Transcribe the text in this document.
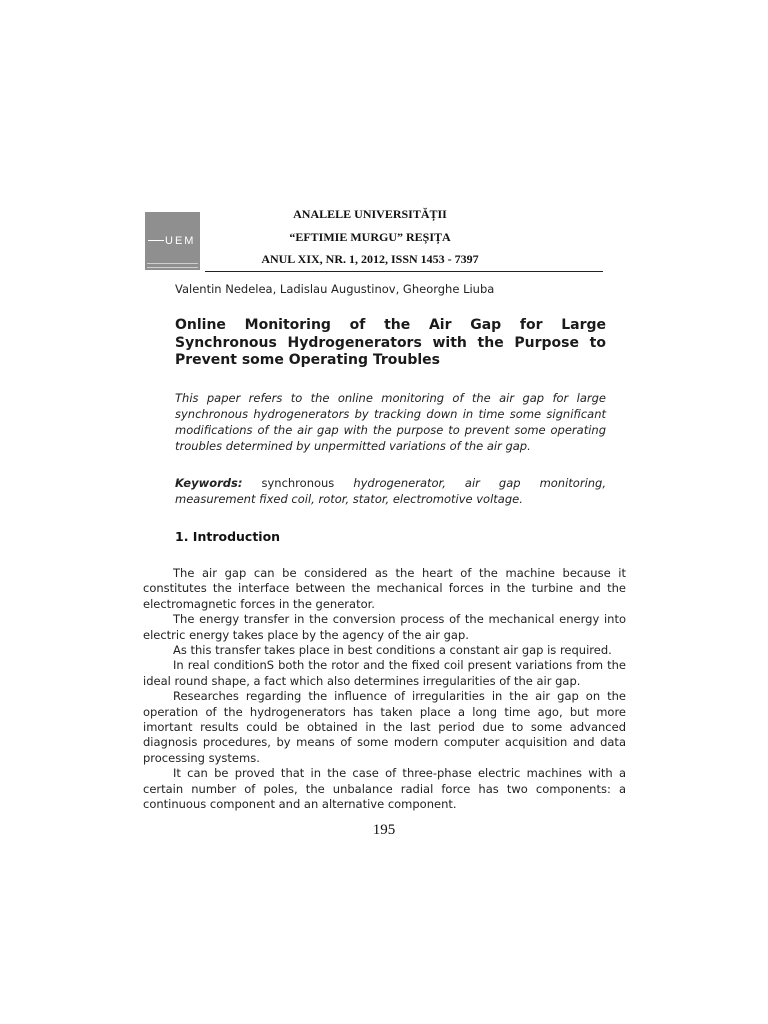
UEM
ANALELE UNIVERSITĂȚII
“EFTIMIE MURGU” REȘIȚA
ANUL XIX, NR. 1, 2012, ISSN 1453 - 7397
Valentin Nedelea, Ladislau Augustinov, Gheorghe Liuba
Online Monitoring of the Air Gap for Large Synchronous Hydrogenerators with the Purpose to Prevent some Operating Troubles
This paper refers to the online monitoring of the air gap for large synchronous hydrogenerators by tracking down in time some significant modifications of the air gap with the purpose to prevent some operating troubles determined by unpermitted variations of the air gap.
Keywords: synchronous hydrogenerator, air gap monitoring, measurement fixed coil, rotor, stator, electromotive voltage.
1. Introduction

The air gap can be considered as the heart of the machine because it constitutes the interface between the mechanical forces in the turbine and the electromagnetic forces in the generator.

The energy transfer in the conversion process of the mechanical energy into electric energy takes place by the agency of the air gap.

As this transfer takes place in best conditions a constant air gap is required.

In real conditionS both the rotor and the fixed coil present variations from the ideal round shape, a fact which also determines irregularities of the air gap.

Researches regarding the influence of irregularities in the air gap on the operation of the hydrogenerators has taken place a long time ago, but more imortant results could be obtained in the last period due to some advanced diagnosis procedures, by means of some modern computer acquisition and data processing systems.

It can be proved that in the case of three-phase electric machines with a certain number of poles, the unbalance radial force has two components: a continuous component and an alternative component.

195
